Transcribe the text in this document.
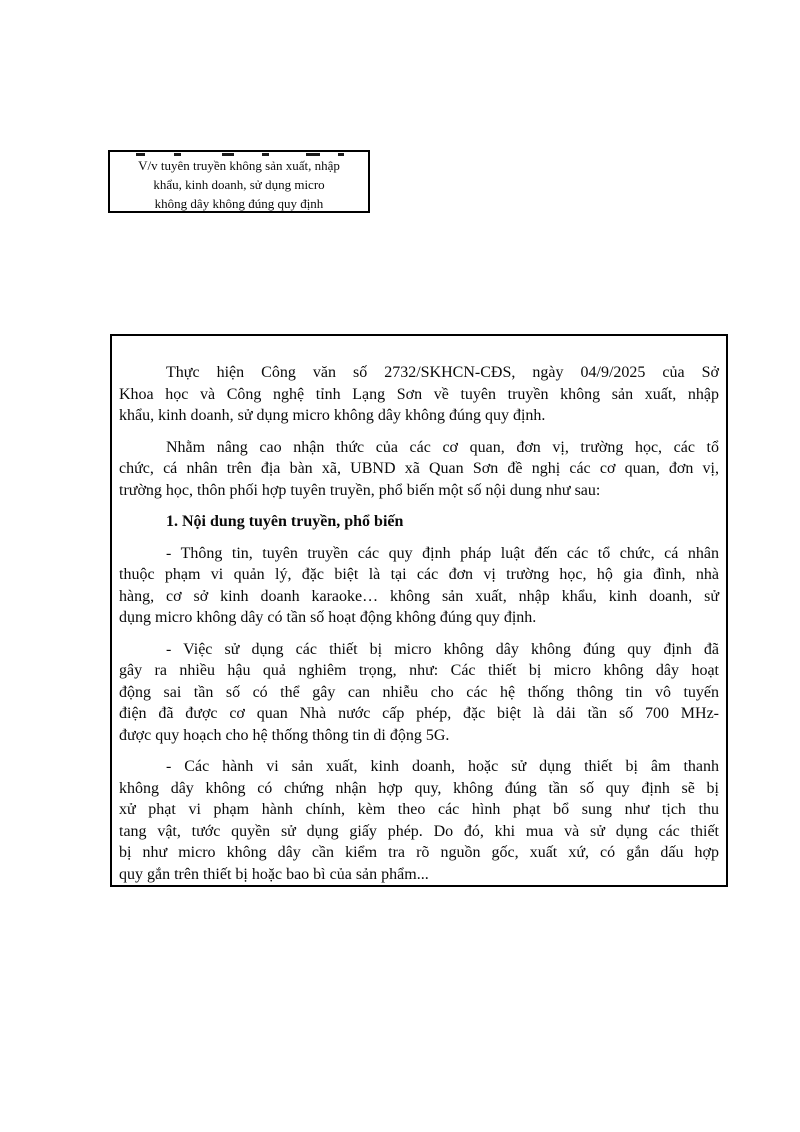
V/v tuyên truyền không sản xuất, nhập
khẩu, kinh doanh, sử dụng micro
không dây không đúng quy định
Thực hiện Công văn số 2732/SKHCN-CĐS, ngày 04/9/2025 của Sở
Khoa học và Công nghệ tỉnh Lạng Sơn về tuyên truyền không sản xuất, nhập
khẩu, kinh doanh, sử dụng micro không dây không đúng quy định.
Nhằm nâng cao nhận thức của các cơ quan, đơn vị, trường học, các tổ
chức, cá nhân trên địa bàn xã, UBND xã Quan Sơn đề nghị các cơ quan, đơn vị,
trường học, thôn phối hợp tuyên truyền, phổ biến một số nội dung như sau:
1. Nội dung tuyên truyền, phổ biến
- Thông tin, tuyên truyền các quy định pháp luật đến các tổ chức, cá nhân
thuộc phạm vi quản lý, đặc biệt là tại các đơn vị trường học, hộ gia đình, nhà
hàng, cơ sở kinh doanh karaoke… không sản xuất, nhập khẩu, kinh doanh, sử
dụng micro không dây có tần số hoạt động không đúng quy định.
- Việc sử dụng các thiết bị micro không dây không đúng quy định đã
gây ra nhiều hậu quả nghiêm trọng, như: Các thiết bị micro không dây hoạt
động sai tần số có thể gây can nhiễu cho các hệ thống thông tin vô tuyến
điện đã được cơ quan Nhà nước cấp phép, đặc biệt là dải tần số 700 MHz-
được quy hoạch cho hệ thống thông tin di động 5G.
- Các hành vi sản xuất, kinh doanh, hoặc sử dụng thiết bị âm thanh
không dây không có chứng nhận hợp quy, không đúng tần số quy định sẽ bị
xử phạt vi phạm hành chính, kèm theo các hình phạt bổ sung như tịch thu
tang vật, tước quyền sử dụng giấy phép. Do đó, khi mua và sử dụng các thiết
bị như micro không dây cần kiểm tra rõ nguồn gốc, xuất xứ, có gắn dấu hợp
quy gắn trên thiết bị hoặc bao bì của sản phẩm...
